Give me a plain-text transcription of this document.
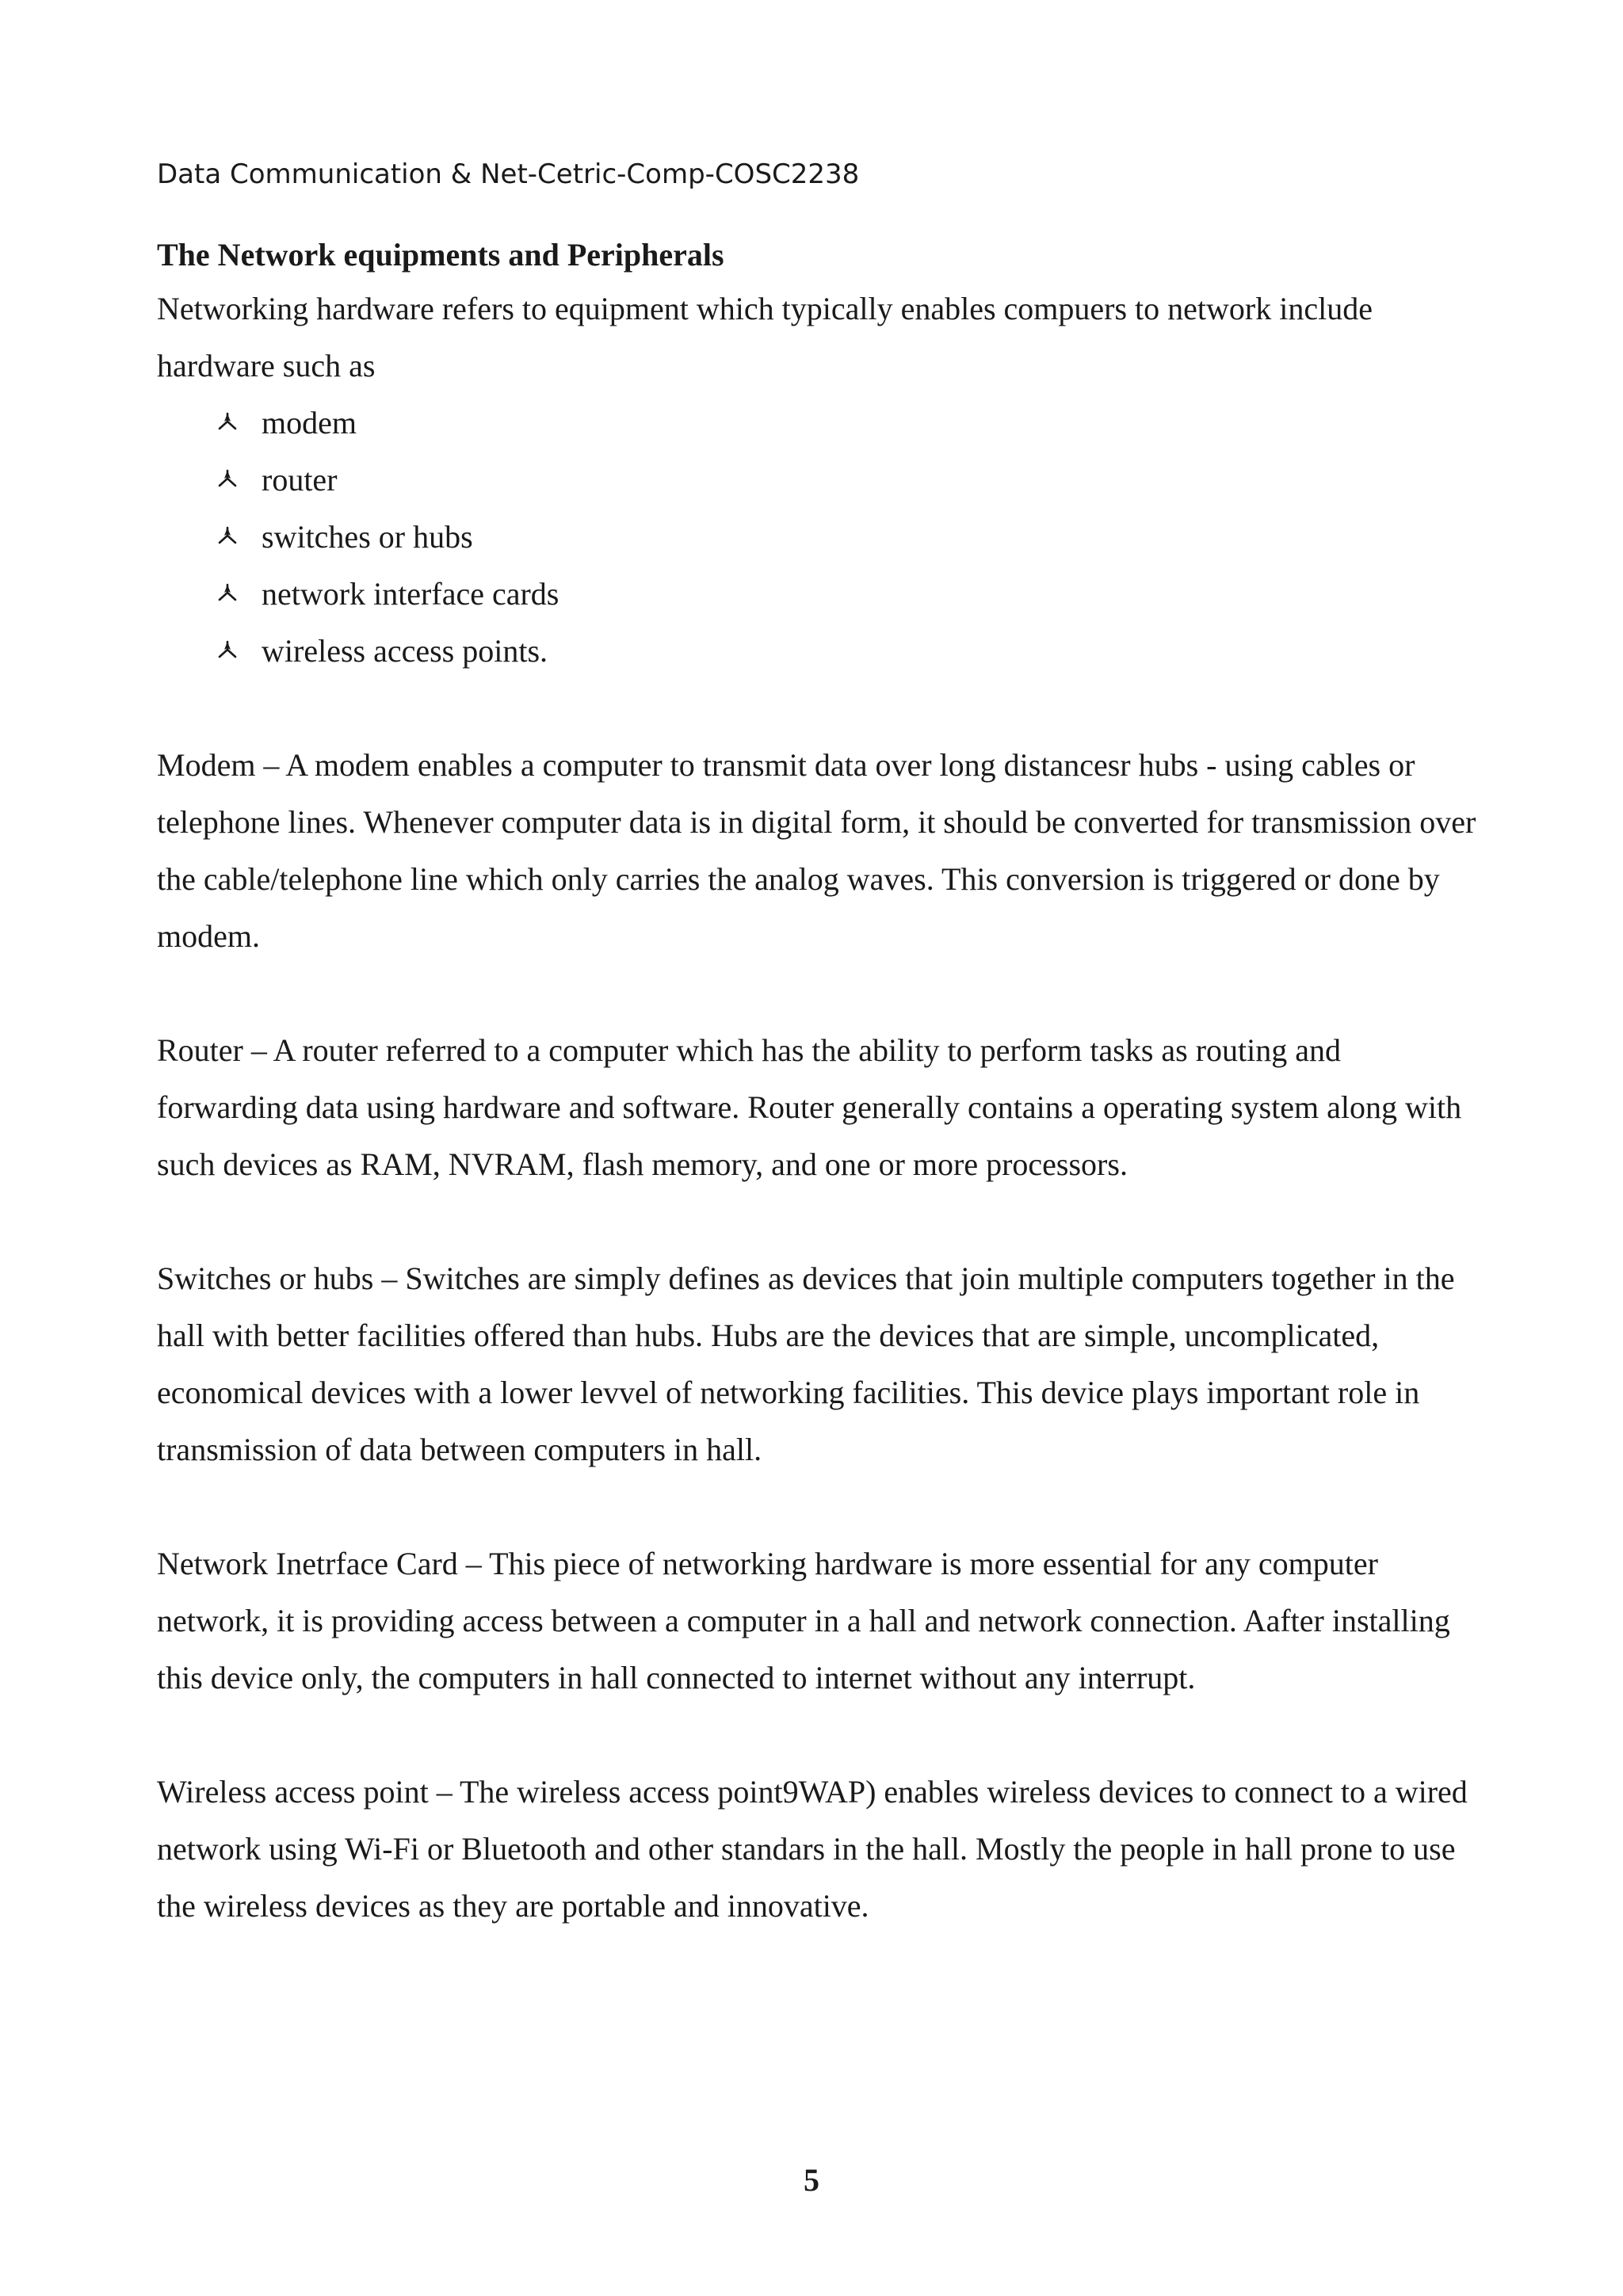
Data Communication & Net-Cetric-Comp-COSC2238

The Network equipments and Peripherals

Networking hardware refers to equipment which typically enables compuers to network include hardware such as

modem
router
switches or hubs
network interface cards
wireless access points.

Modem – A modem enables a computer to transmit data over long distancesr hubs - using cables or telephone lines. Whenever computer data is in digital form, it should be converted for transmission over the cable/telephone line which only carries the analog waves. This conversion is triggered or done by modem.

Router – A router referred to a computer which has the ability to perform tasks as routing and forwarding data using hardware and software. Router generally contains a operating system along with such devices as RAM, NVRAM, flash memory, and one or more processors.

Switches or hubs – Switches are simply defines as devices that join multiple computers together in the hall with better facilities offered than hubs. Hubs are the devices that are simple, uncomplicated, economical devices with a lower levvel of networking facilities. This device plays important role in transmission of data between computers in hall.

Network Inetrface Card – This piece of networking hardware is more essential for any computer network, it is providing access between a computer in a hall and network connection. Aafter installing this device only, the computers in hall connected to internet without any interrupt.

Wireless access point – The wireless access point9WAP) enables wireless devices to connect to a wired network using Wi-Fi or Bluetooth and other standars in the hall. Mostly the people in hall prone to use the wireless devices as they are portable and innovative.

5
